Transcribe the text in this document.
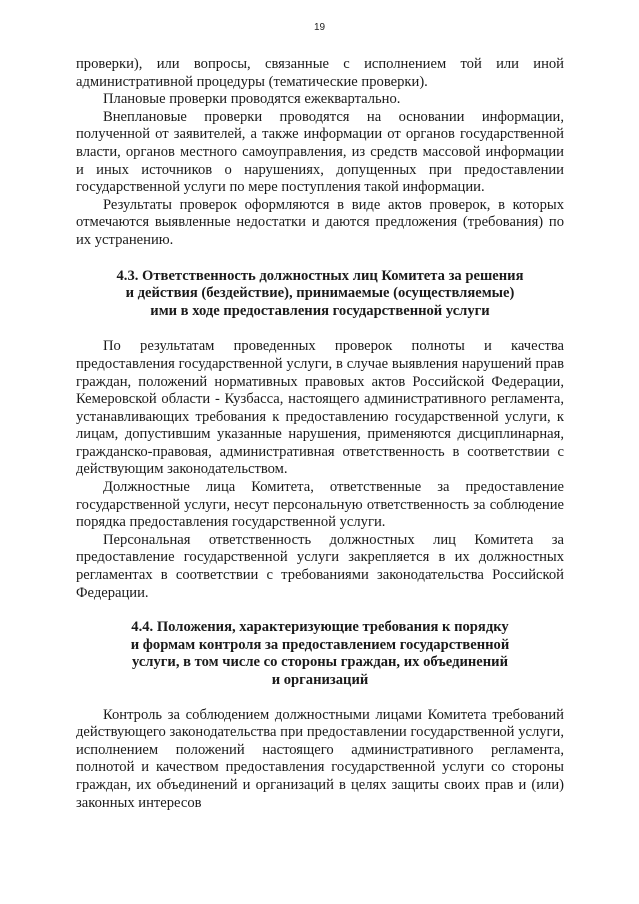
19

проверки), или вопросы, связанные с исполнением той или иной административной процедуры (тематические проверки).

Плановые проверки проводятся ежеквартально.

Внеплановые проверки проводятся на основании информации, полученной от заявителей, а также информации от органов государственной власти, органов местного самоуправления, из средств массовой информации и иных источников о нарушениях, допущенных при предоставлении государственной услуги по мере поступления такой информации.

Результаты проверок оформляются в виде актов проверок, в которых отмечаются выявленные недостатки и даются предложения (требования) по их устранению.

4.3. Ответственность должностных лиц Комитета за решения
и действия (бездействие), принимаемые (осуществляемые)
ими в ходе предоставления государственной услуги

По результатам проведенных проверок полноты и качества предоставления государственной услуги, в случае выявления нарушений прав граждан, положений нормативных правовых актов Российской Федерации, Кемеровской области - Кузбасса, настоящего административного регламента, устанавливающих требования к предоставлению государственной услуги, к лицам, допустившим указанные нарушения, применяются дисциплинарная, гражданско-правовая, административная ответственность в соответствии с действующим законодательством.

Должностные лица Комитета, ответственные за предоставление государственной услуги, несут персональную ответственность за соблюдение порядка предоставления государственной услуги.

Персональная ответственность должностных лиц Комитета за предоставление государственной услуги закрепляется в их должностных регламентах в соответствии с требованиями законодательства Российской Федерации.

4.4. Положения, характеризующие требования к порядку
и формам контроля за предоставлением государственной
услуги, в том числе со стороны граждан, их объединений
и организаций

Контроль за соблюдением должностными лицами Комитета требований действующего законодательства при предоставлении государственной услуги, исполнением положений настоящего административного регламента, полнотой и качеством предоставления государственной услуги со стороны граждан, их объединений и организаций в целях защиты своих прав и (или) законных интересов
